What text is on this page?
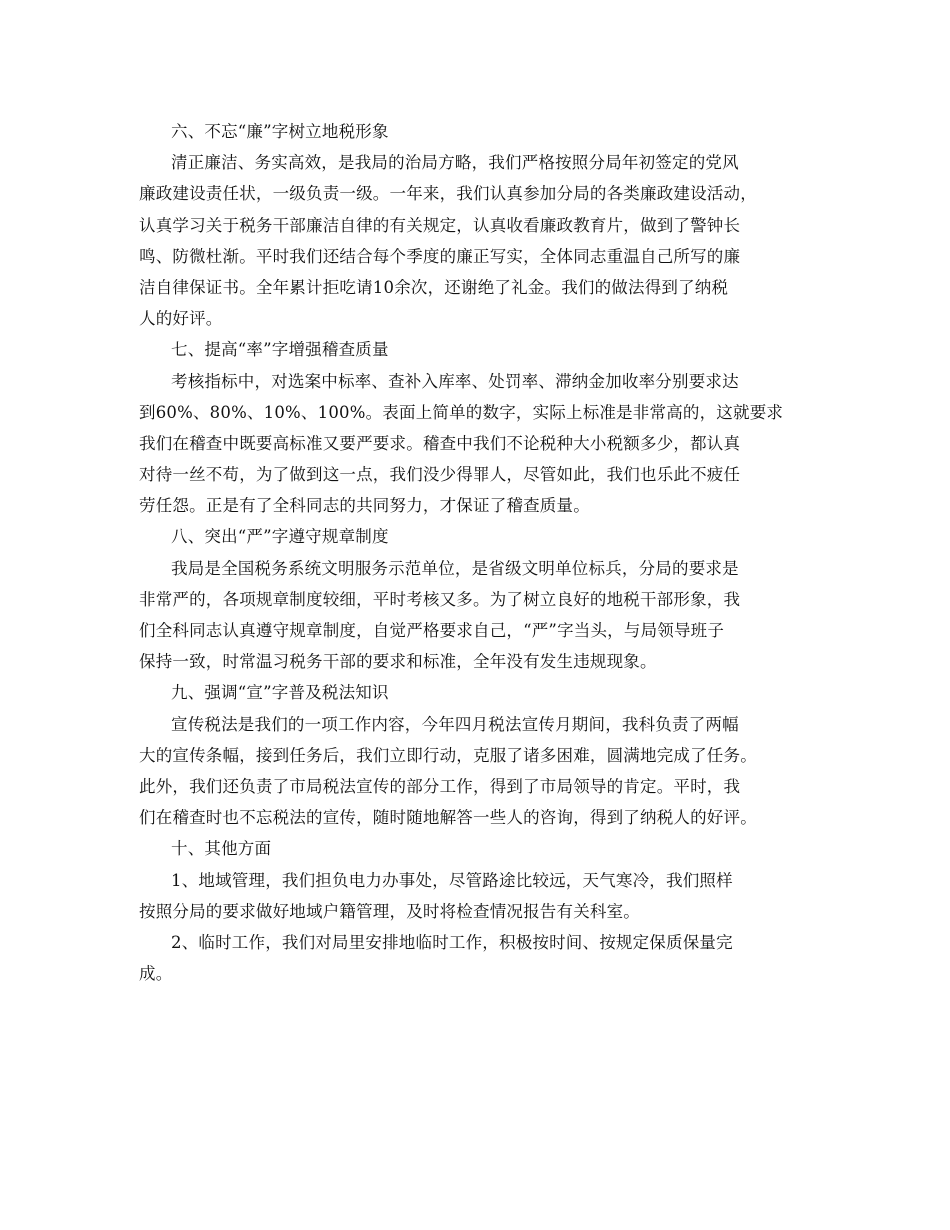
六、不忘“廉”字树立地税形象
清正廉洁、务实高效，是我局的治局方略，我们严格按照分局年初签定的党风
廉政建设责任状，一级负责一级。一年来，我们认真参加分局的各类廉政建设活动，
认真学习关于税务干部廉洁自律的有关规定，认真收看廉政教育片，做到了警钟长
鸣、防微杜渐。平时我们还结合每个季度的廉正写实，全体同志重温自己所写的廉
洁自律保证书。全年累计拒吃请10余次，还谢绝了礼金。我们的做法得到了纳税
人的好评。
七、提高“率”字增强稽查质量
考核指标中，对选案中标率、查补入库率、处罚率、滞纳金加收率分别要求达
到60%、80%、10%、100%。表面上简单的数字，实际上标准是非常高的，这就要求
我们在稽查中既要高标准又要严要求。稽查中我们不论税种大小税额多少，都认真
对待一丝不苟，为了做到这一点，我们没少得罪人，尽管如此，我们也乐此不疲任
劳任怨。正是有了全科同志的共同努力，才保证了稽查质量。
八、突出“严”字遵守规章制度
我局是全国税务系统文明服务示范单位，是省级文明单位标兵，分局的要求是
非常严的，各项规章制度较细，平时考核又多。为了树立良好的地税干部形象，我
们全科同志认真遵守规章制度，自觉严格要求自己，“严”字当头，与局领导班子
保持一致，时常温习税务干部的要求和标准，全年没有发生违规现象。
九、强调“宣”字普及税法知识
宣传税法是我们的一项工作内容，今年四月税法宣传月期间，我科负责了两幅
大的宣传条幅，接到任务后，我们立即行动，克服了诸多困难，圆满地完成了任务。
此外，我们还负责了市局税法宣传的部分工作，得到了市局领导的肯定。平时，我
们在稽查时也不忘税法的宣传，随时随地解答一些人的咨询，得到了纳税人的好评。
十、其他方面
1、地域管理，我们担负电力办事处，尽管路途比较远，天气寒冷，我们照样
按照分局的要求做好地域户籍管理，及时将检查情况报告有关科室。
2、临时工作，我们对局里安排地临时工作，积极按时间、按规定保质保量完
成。
